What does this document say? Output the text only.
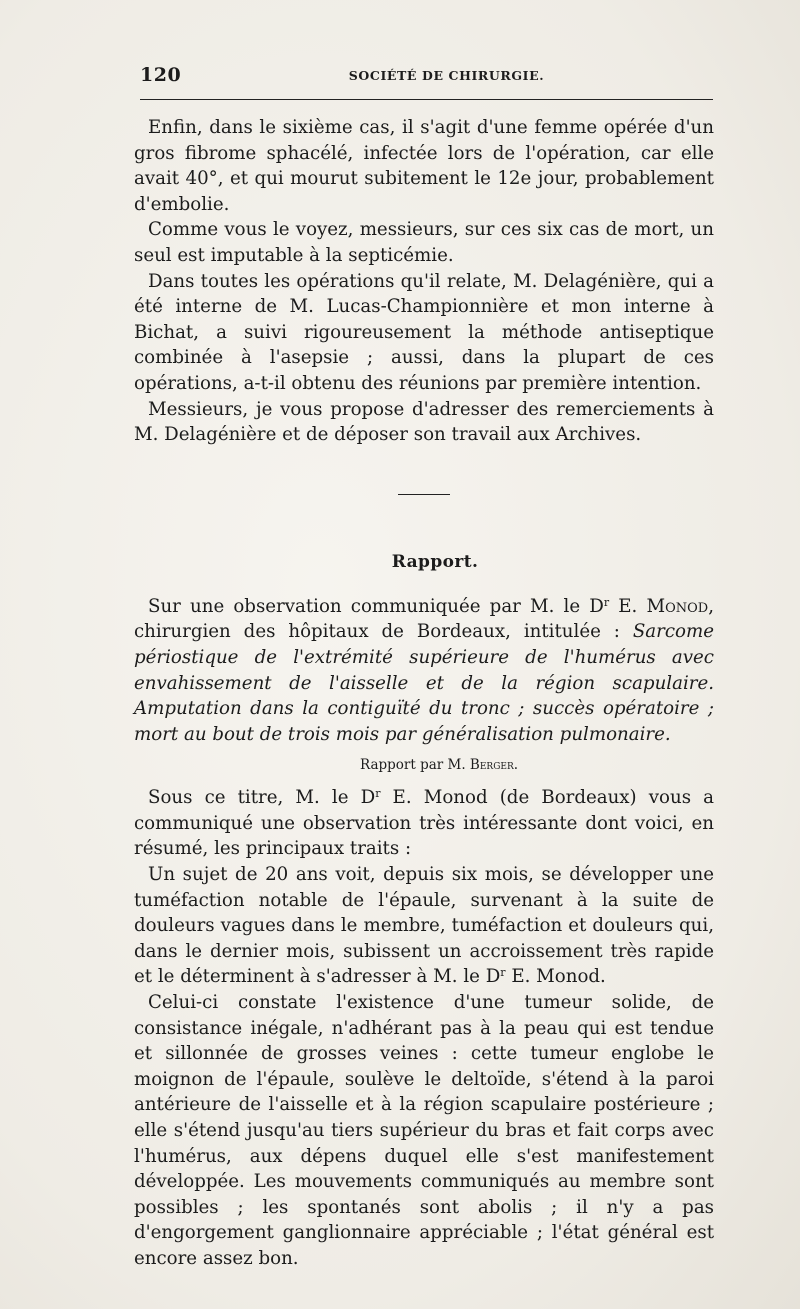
120	SOCIÉTÉ DE CHIRURGIE.

Enfin, dans le sixième cas, il s'agit d'une femme opérée d'un gros fibrome sphacélé, infectée lors de l'opération, car elle avait 40°, et qui mourut subitement le 12e jour, probablement d'embolie.

Comme vous le voyez, messieurs, sur ces six cas de mort, un seul est imputable à la septicémie.

Dans toutes les opérations qu'il relate, M. Delagénière, qui a été interne de M. Lucas-Championnière et mon interne à Bichat, a suivi rigoureusement la méthode antiseptique combinée à l'asepsie ; aussi, dans la plupart de ces opérations, a-t-il obtenu des réunions par première intention.

Messieurs, je vous propose d'adresser des remerciements à M. Delagénière et de déposer son travail aux Archives.

Rapport.

Sur une observation communiquée par M. le $D^r$ E. Monod, chirurgien des hôpitaux de Bordeaux, intitulée : Sarcome périostique de l'extrémité supérieure de l'humérus avec envahissement de l'aisselle et de la région scapulaire. Amputation dans la contiguïté du tronc ; succès opératoire ; mort au bout de trois mois par généralisation pulmonaire.

Rapport par M. Berger.

Sous ce titre, M. le $D^r$ E. Monod (de Bordeaux) vous a communiqué une observation très intéressante dont voici, en résumé, les principaux traits :

Un sujet de 20 ans voit, depuis six mois, se développer une tuméfaction notable de l'épaule, survenant à la suite de douleurs vagues dans le membre, tuméfaction et douleurs qui, dans le dernier mois, subissent un accroissement très rapide et le déterminent à s'adresser à M. le $D^r$ E. Monod.

Celui-ci constate l'existence d'une tumeur solide, de consistance inégale, n'adhérant pas à la peau qui est tendue et sillonnée de grosses veines : cette tumeur englobe le moignon de l'épaule, soulève le deltoïde, s'étend à la paroi antérieure de l'aisselle et à la région scapulaire postérieure ; elle s'étend jusqu'au tiers supérieur du bras et fait corps avec l'humérus, aux dépens duquel elle s'est manifestement développée. Les mouvements communiqués au membre sont possibles ; les spontanés sont abolis ; il n'y a pas d'engorgement ganglionnaire appréciable ; l'état général est encore assez bon.
